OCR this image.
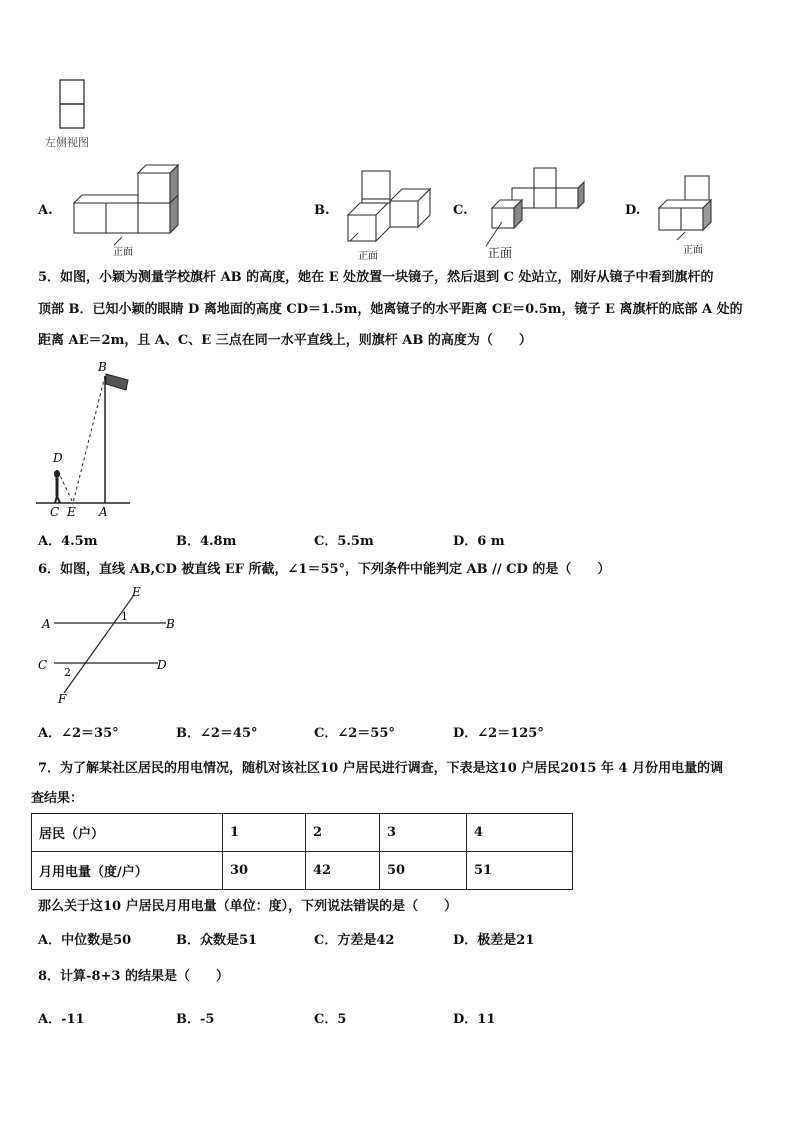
左侧视图
A.
正面
B.
正面
C.
正面
D.
正面
5．如图，小颖为测量学校旗杆 AB 的高度，她在 E 处放置一块镜子，然后退到 C 处站立，刚好从镜子中看到旗杆的
顶部 B．已知小颖的眼睛 D 离地面的高度 CD＝1.5m，她离镜子的水平距离 CE＝0.5m，镜子 E 离旗杆的底部 A 处的
距离 AE＝2m，且 A、C、E 三点在同一水平直线上，则旗杆 AB 的高度为（　　）
B
D
C E A
A．4.5m	B．4.8m	C．5.5m	D．6 m
6．如图，直线 AB,CD 被直线 EF 所截，∠1＝55°，下列条件中能判定 AB // CD 的是（　　）
E
A	B
C	D
F
1
2
A．∠2＝35°	B．∠2＝45°	C．∠2＝55°	D．∠2＝125°
7．为了解某社区居民的用电情况，随机对该社区10 户居民进行调查，下表是这10 户居民2015 年 4 月份用电量的调
查结果：
居民（户）	1	2	3	4
月用电量（度/户）	30	42	50	51
那么关于这10 户居民月用电量（单位：度），下列说法错误的是（　　）
A．中位数是50	B．众数是51	C．方差是42	D．极差是21
8．计算-8+3 的结果是（　　）
A．-11	B．-5	C．5	D．11
